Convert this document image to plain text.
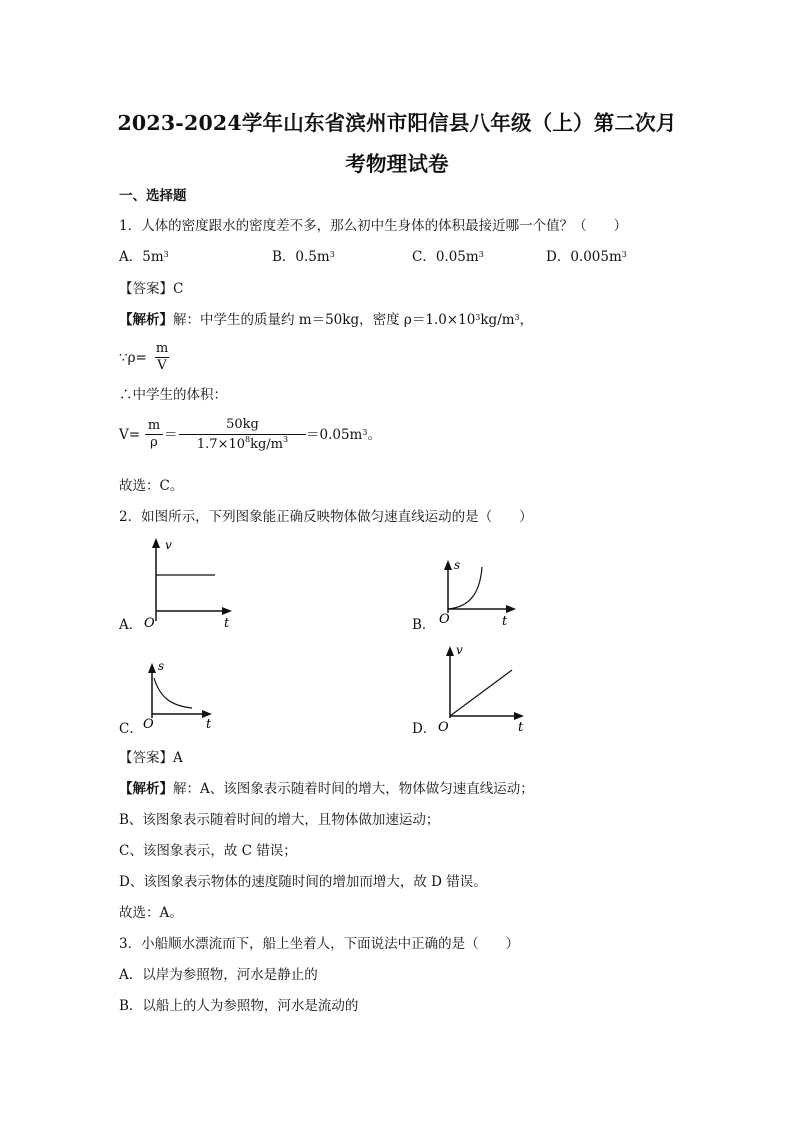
2023-2024学年山东省滨州市阳信县八年级（上）第二次月
考物理试卷
一、选择题
1．人体的密度跟水的密度差不多，那么初中生身体的体积最接近哪一个值？（　　）
A．$5m^3$	B．$0.5m^3$	C．$0.05m^3$	D．$0.005m^3$
【答案】C
【解析】解：中学生的质量约 m＝50kg，密度 $\rho=1.0\times 10^3kg/m^3$，
∵ρ=
m
V
∴中学生的体积：
V=
m
ρ ＝
50kg
$1.7\times 10^8kg/m^3$	$=0.05m^3$。
故选：C。
2．如图所示，下列图象能正确反映物体做匀速直线运动的是（　　）
A．
v
O	t	B．
s
O	t
C．
s
O	t	D．
v
O	t
【答案】A
【解析】解：A、该图象表示随着时间的增大，物体做匀速直线运动；
B、该图象表示随着时间的增大，且物体做加速运动；
C、该图象表示，故 C 错误；
D、该图象表示物体的速度随时间的增加而增大，故 D 错误。
故选：A。
3．小船顺水漂流而下，船上坐着人，下面说法中正确的是（　　）
A．以岸为参照物，河水是静止的
B．以船上的人为参照物，河水是流动的
